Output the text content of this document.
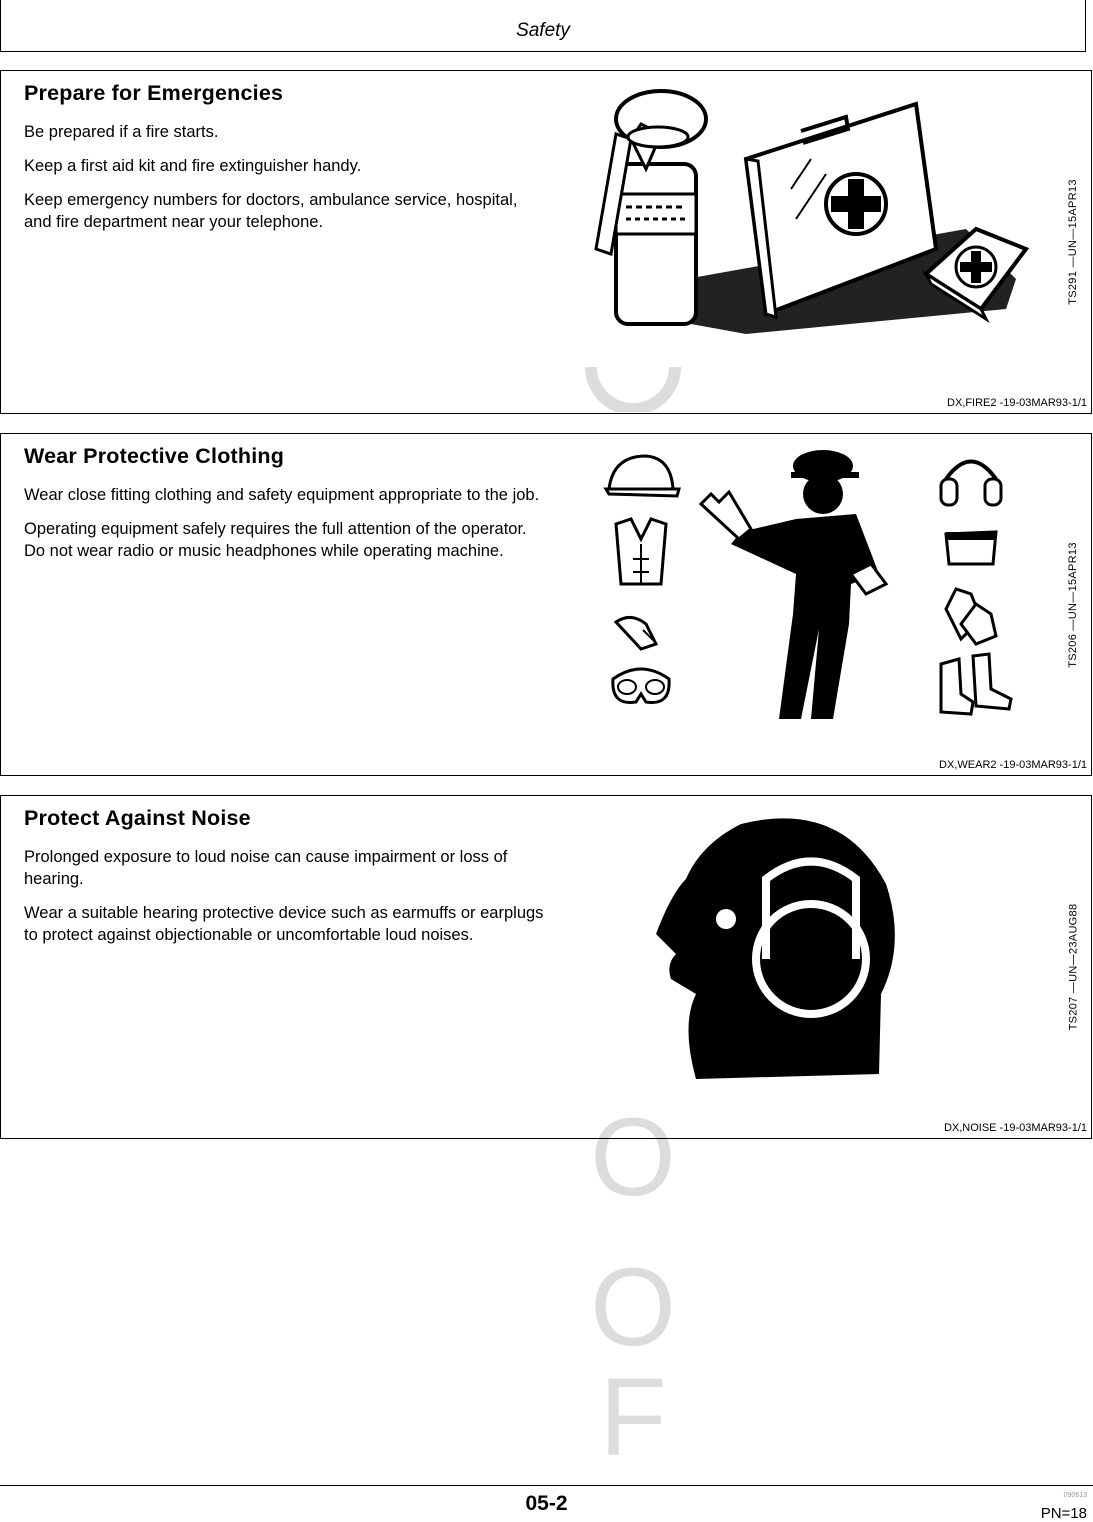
Safety
O
O
F
Prepare for Emergencies

Be prepared if a fire starts.

Keep a first aid kit and fire extinguisher handy.

Keep emergency numbers for doctors, ambulance service, hospital, and fire department near your telephone.	TS291 —UN—15APR13
DX,FIRE2 -19-03MAR93-1/1
Wear Protective Clothing

Wear close fitting clothing and safety equipment appropriate to the job.

Operating equipment safely requires the full attention of the operator. Do not wear radio or music headphones while operating machine.	TS206 —UN—15APR13
DX,WEAR2 -19-03MAR93-1/1
Protect Against Noise

Prolonged exposure to loud noise can cause impairment or loss of hearing.

Wear a suitable hearing protective device such as earmuffs or earplugs to protect against objectionable or uncomfortable loud noises.	TS207 —UN—23AUG88
DX,NOISE -19-03MAR93-1/1
05-2	090613
PN=18
